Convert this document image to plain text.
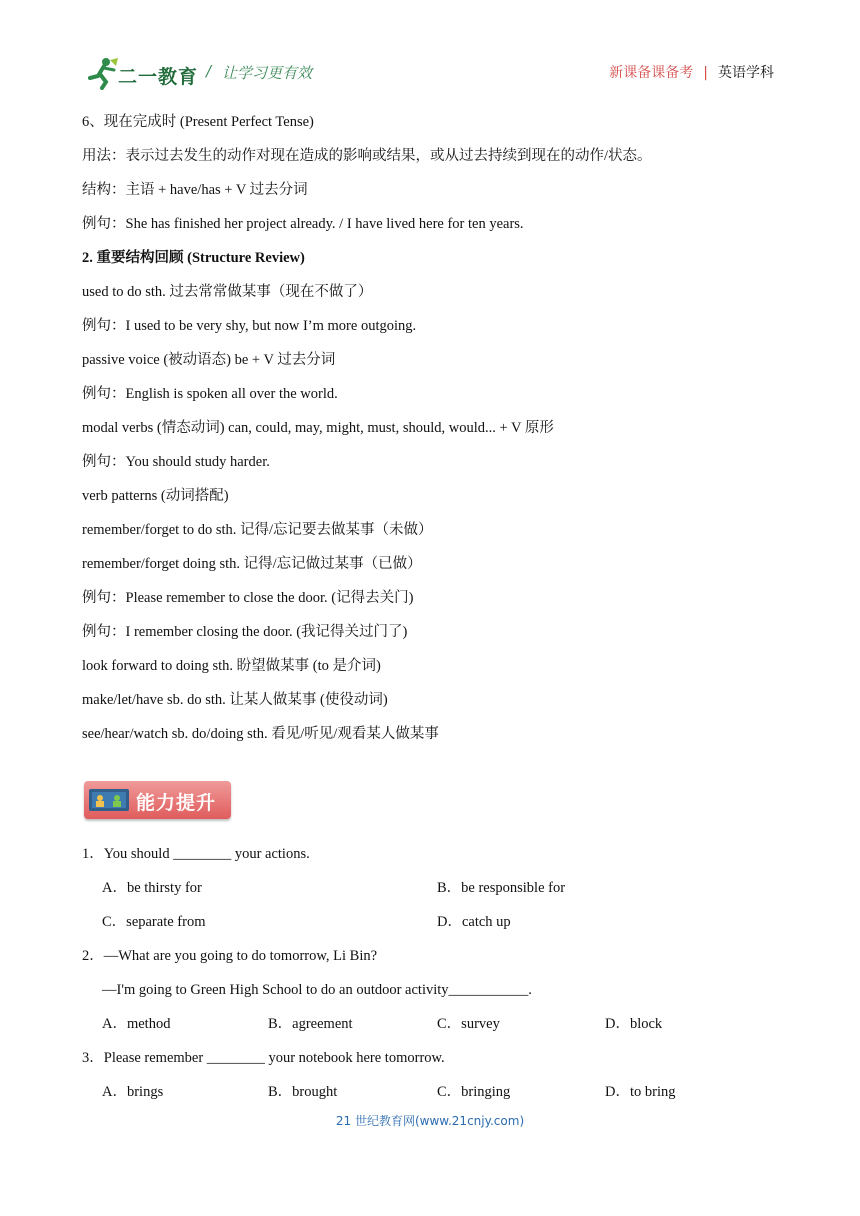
二一教育 / 让学习更有效	新课备课备考 | 英语学科
6、现在完成时 (Present Perfect Tense)
用法：表示过去发生的动作对现在造成的影响或结果，或从过去持续到现在的动作/状态。
结构：主语 + have/has + V 过去分词
例句：She has finished her project already. / I have lived here for ten years.
2. 重要结构回顾 (Structure Review)
used to do sth. 过去常常做某事（现在不做了）
例句：I used to be very shy, but now I’m more outgoing.
passive voice (被动语态) be + V 过去分词
例句：English is spoken all over the world.
modal verbs (情态动词) can, could, may, might, must, should, would... + V 原形
例句：You should study harder.
verb patterns (动词搭配)
remember/forget to do sth. 记得/忘记要去做某事（未做）
remember/forget doing sth. 记得/忘记做过某事（已做）
例句：Please remember to close the door. (记得去关门)
例句：I remember closing the door. (我记得关过门了)
look forward to doing sth. 盼望做某事 (to 是介词)
make/let/have sb. do sth. 让某人做某事 (使役动词)
see/hear/watch sb. do/doing sth. 看见/听见/观看某人做某事
能力提升
1．You should ________ your actions.
A．be thirsty for	B．be responsible for
C．separate from	D．catch up
2．—What are you going to do tomorrow, Li Bin?
—I'm going to Green High School to do an outdoor activity___________.
A．method	B．agreement	C．survey	D．block
3．Please remember ________ your notebook here tomorrow.
A．brings	B．brought	C．bringing	D．to bring
21 世纪教育网(www.21cnjy.com)
